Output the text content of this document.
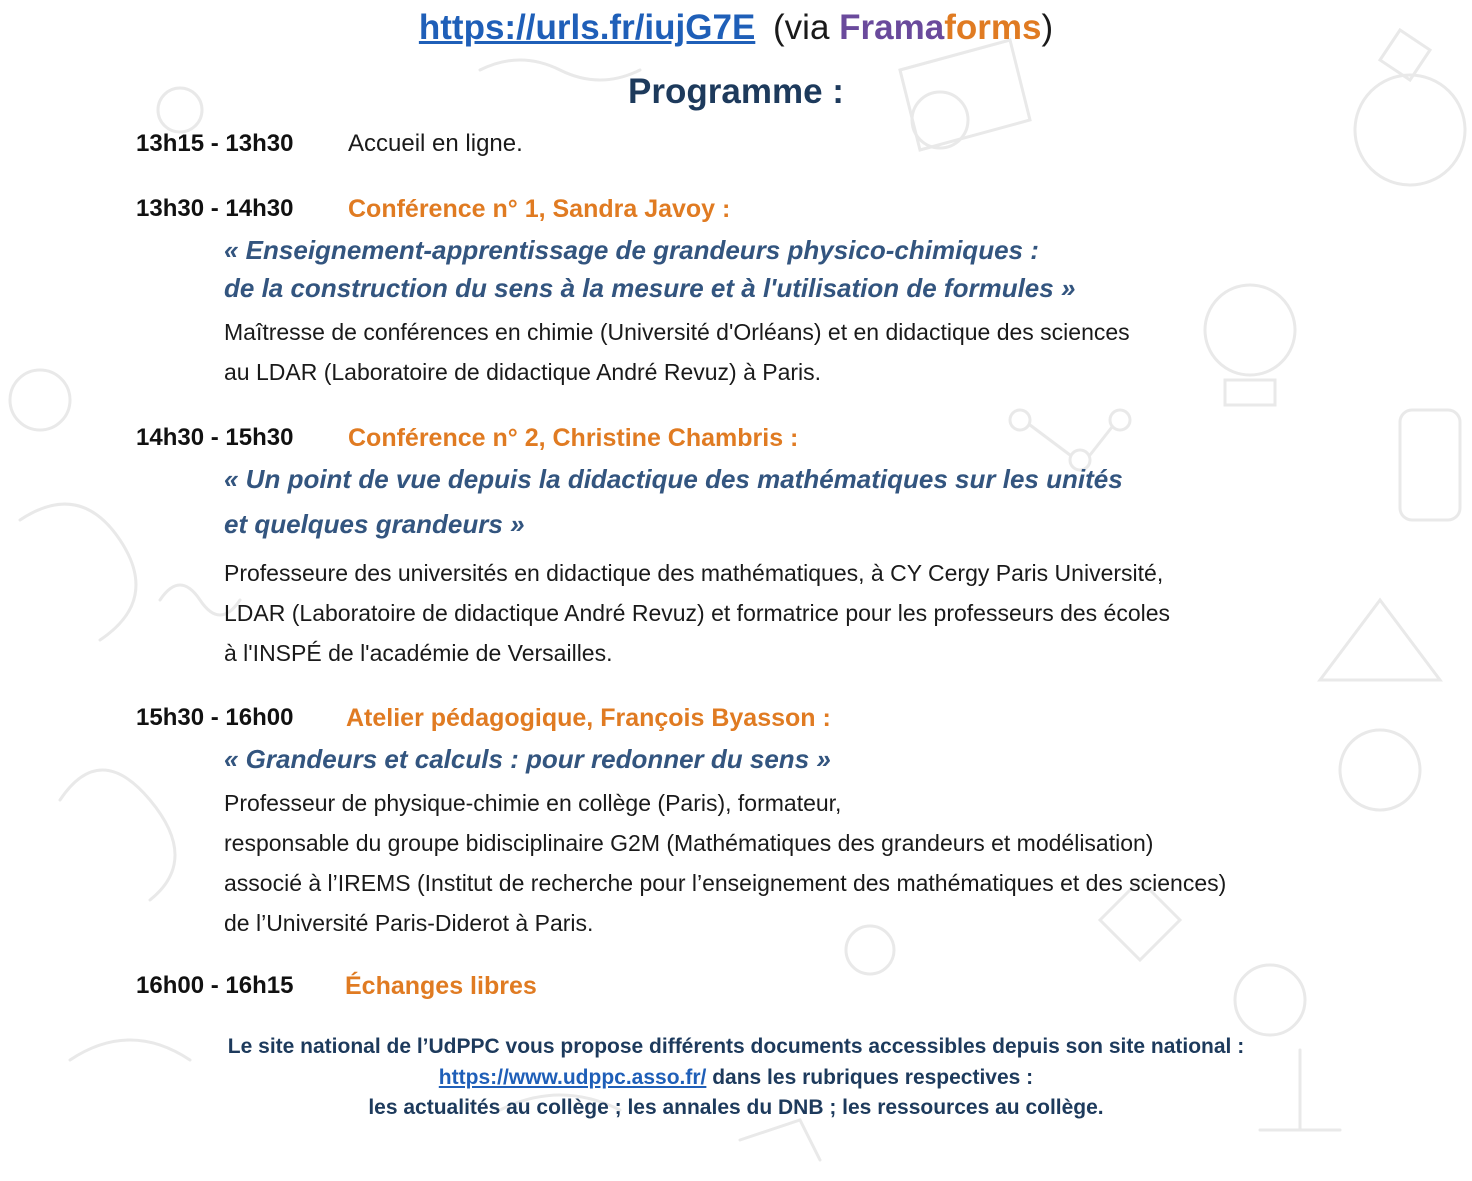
https://urls.fr/iujG7E (via Framaforms)
Programme :
13h15 - 13h30 Accueil en ligne.
13h30 - 14h30 Conférence n° 1, Sandra Javoy :
« Enseignement-apprentissage de grandeurs physico-chimiques :
de la construction du sens à la mesure et à l'utilisation de formules »
Maîtresse de conférences en chimie (Université d'Orléans) et en didactique des sciences
au LDAR (Laboratoire de didactique André Revuz) à Paris.
14h30 - 15h30 Conférence n° 2, Christine Chambris :
« Un point de vue depuis la didactique des mathématiques sur les unités
et quelques grandeurs »
Professeure des universités en didactique des mathématiques, à CY Cergy Paris Université,
LDAR (Laboratoire de didactique André Revuz) et formatrice pour les professeurs des écoles
à l'INSPÉ de l'académie de Versailles.
15h30 - 16h00 Atelier pédagogique, François Byasson :
« Grandeurs et calculs : pour redonner du sens »
Professeur de physique-chimie en collège (Paris), formateur,
responsable du groupe bidisciplinaire G2M (Mathématiques des grandeurs et modélisation)
associé à l’IREMS (Institut de recherche pour l’enseignement des mathématiques et des sciences)
de l’Université Paris-Diderot à Paris.
16h00 - 16h15 Échanges libres
Le site national de l’UdPPC vous propose différents documents accessibles depuis son site national :
https://www.udppc.asso.fr/ dans les rubriques respectives :
les actualités au collège ; les annales du DNB ; les ressources au collège.
